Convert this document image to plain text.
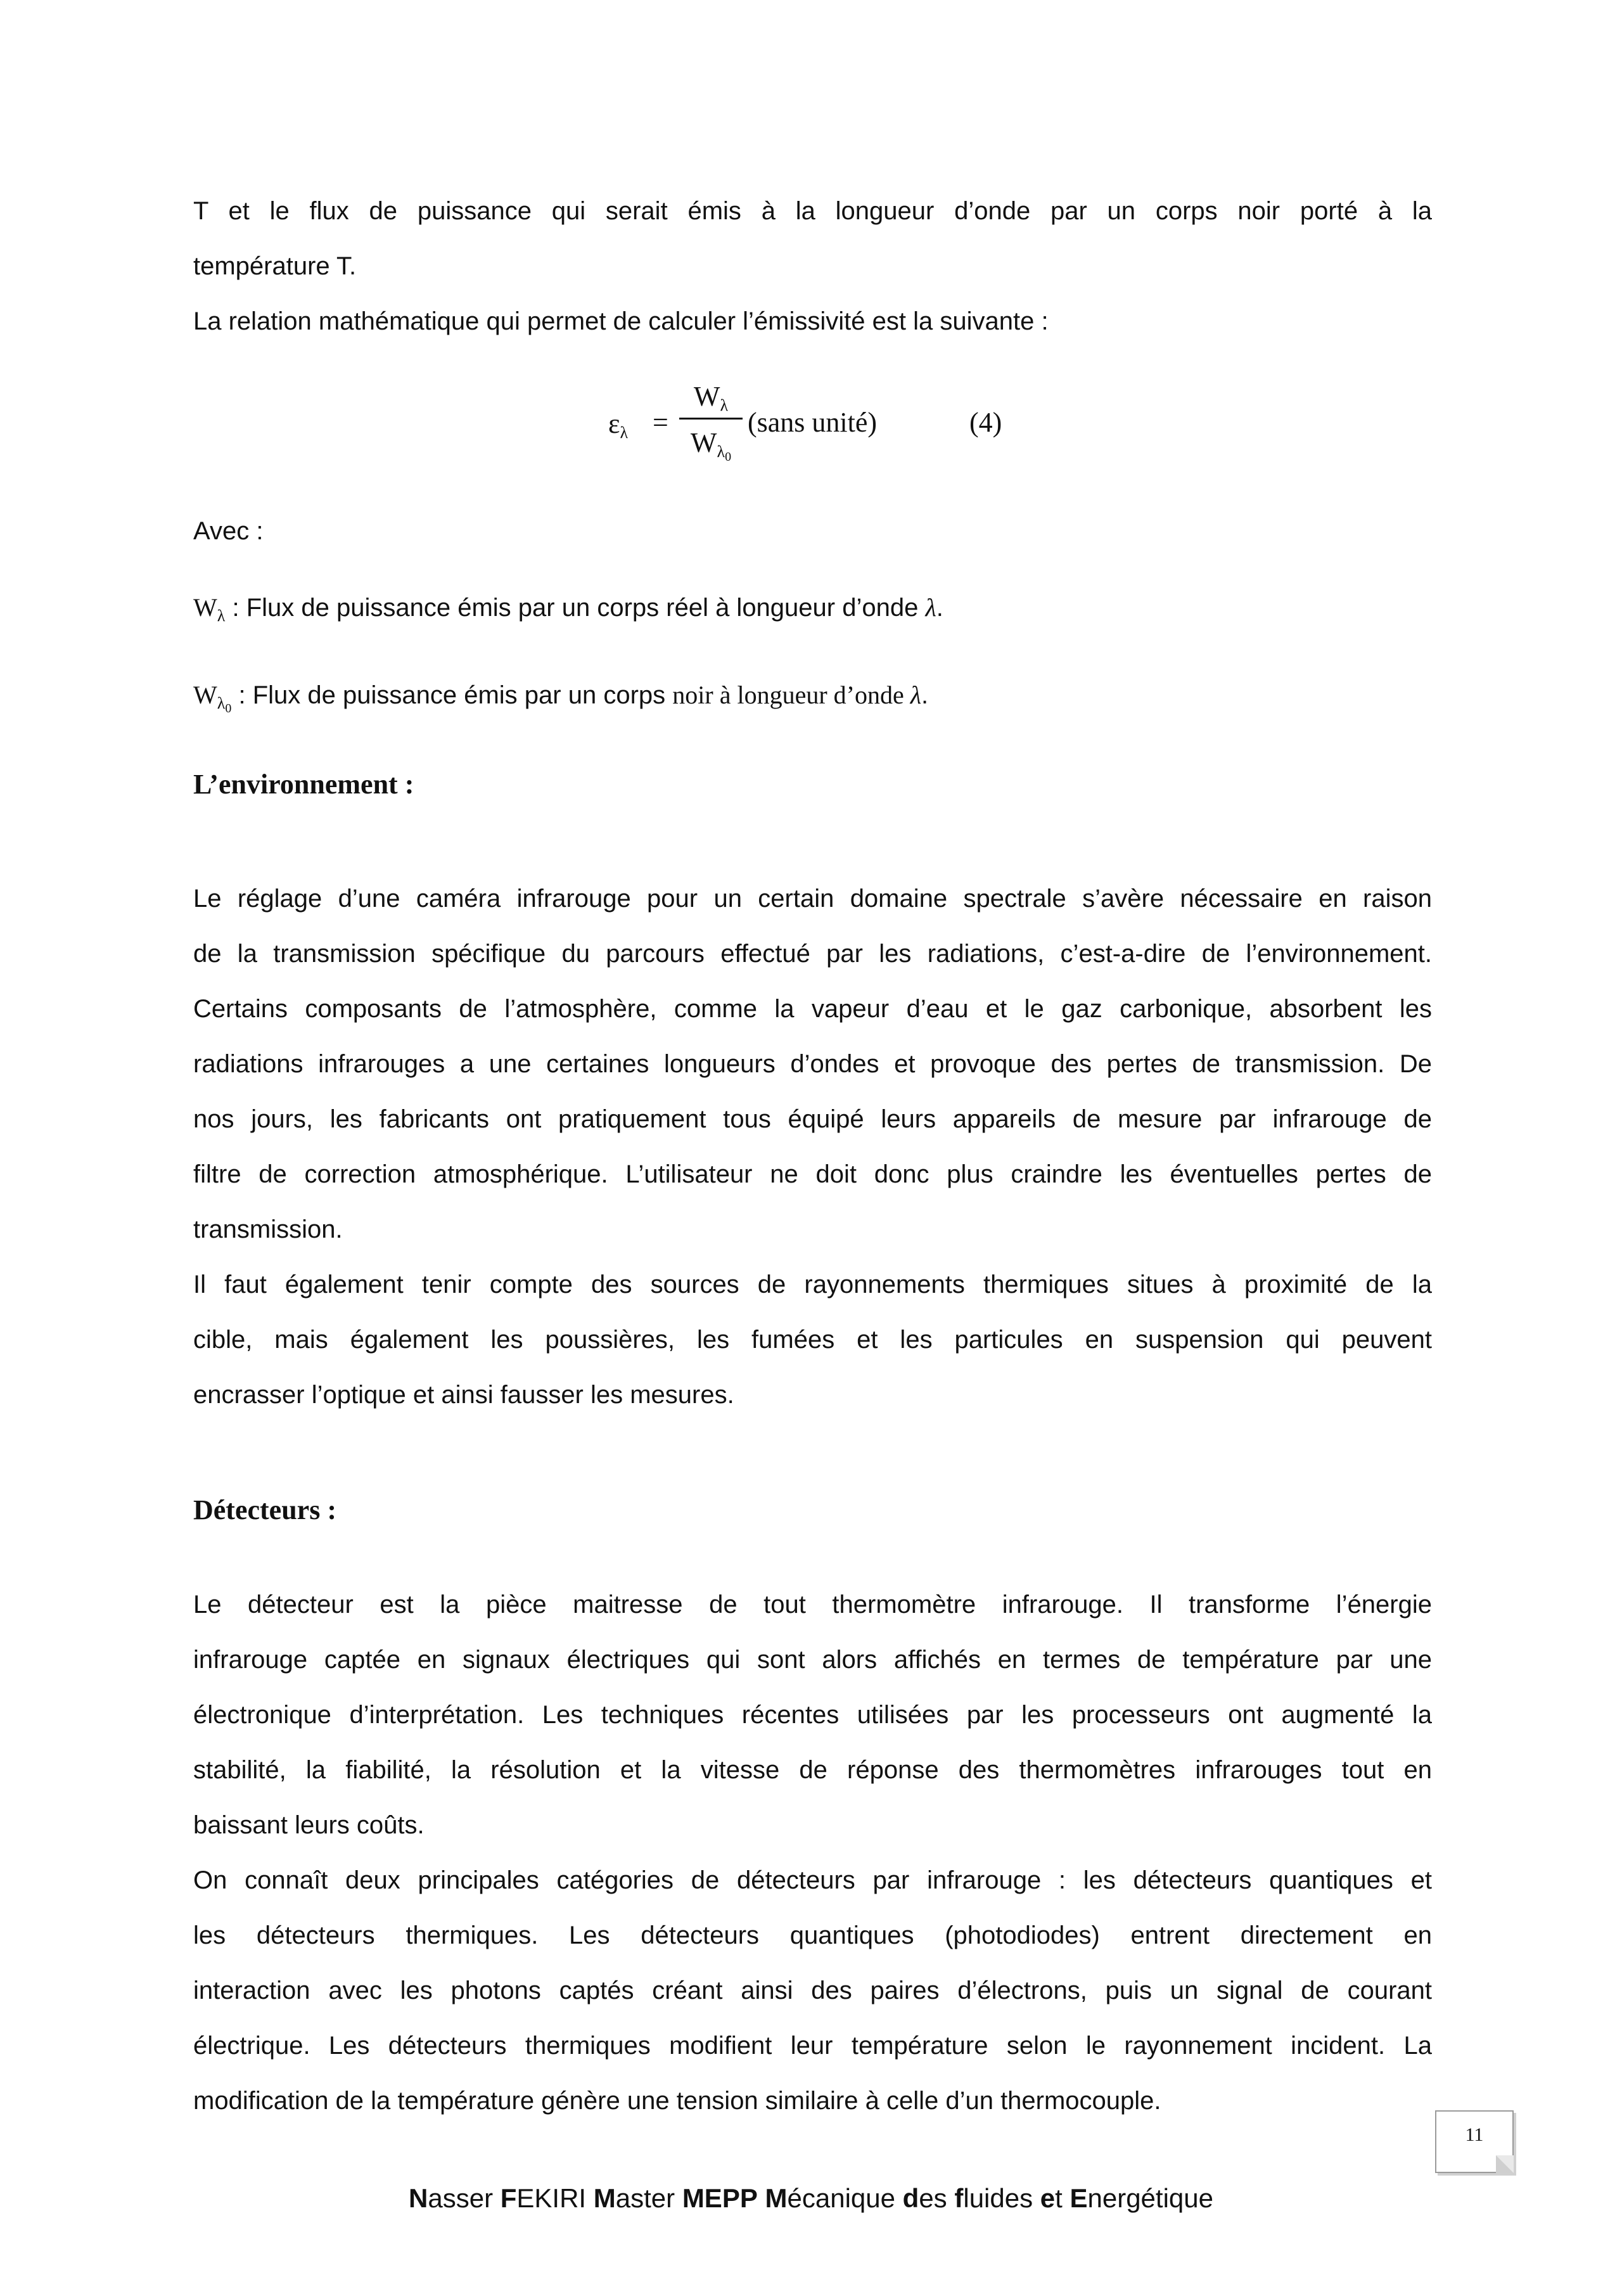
T et le flux de puissance qui serait émis à la longueur d’onde par un corps noir porté à la
température T.
La relation mathématique qui permet de calculer l’émissivité est la suivante :
$\varepsilon_\lambda$ =
$W_\lambda$
$W_{\lambda_0}$
(sans unité)	(4)
Avec :
$W_\lambda$ : Flux de puissance émis par un corps réel à longueur d’onde λ.
$W_{\lambda_0}$ : Flux de puissance émis par un corps noir à longueur d’onde λ.
L’environnement :
Le réglage d’une caméra infrarouge pour un certain domaine spectrale s’avère nécessaire en raison
de la transmission spécifique du parcours effectué par les radiations, c’est-a-dire de l’environnement.
Certains composants de l’atmosphère, comme la vapeur d’eau et le gaz carbonique, absorbent les
radiations infrarouges a une certaines longueurs d’ondes et provoque des pertes de transmission. De
nos jours, les fabricants ont pratiquement tous équipé leurs appareils de mesure par infrarouge de
filtre de correction atmosphérique. L’utilisateur ne doit donc plus craindre les éventuelles pertes de
transmission.
Il faut également tenir compte des sources de rayonnements thermiques situes à proximité de la
cible, mais également les poussières, les fumées et les particules en suspension qui peuvent
encrasser l’optique et ainsi fausser les mesures.
Détecteurs :
Le détecteur est la pièce maitresse de tout thermomètre infrarouge. Il transforme l’énergie
infrarouge captée en signaux électriques qui sont alors affichés en termes de température par une
électronique d’interprétation. Les techniques récentes utilisées par les processeurs ont augmenté la
stabilité, la fiabilité, la résolution et la vitesse de réponse des thermomètres infrarouges tout en
baissant leurs coûts.
On connaît deux principales catégories de détecteurs par infrarouge : les détecteurs quantiques et
les détecteurs thermiques. Les détecteurs quantiques (photodiodes) entrent directement en
interaction avec les photons captés créant ainsi des paires d’électrons, puis un signal de courant
électrique. Les détecteurs thermiques modifient leur température selon le rayonnement incident. La
modification de la température génère une tension similaire à celle d’un thermocouple.
11
Nasser FEKIRI Master MEPP Mécanique des fluides et Energétique
